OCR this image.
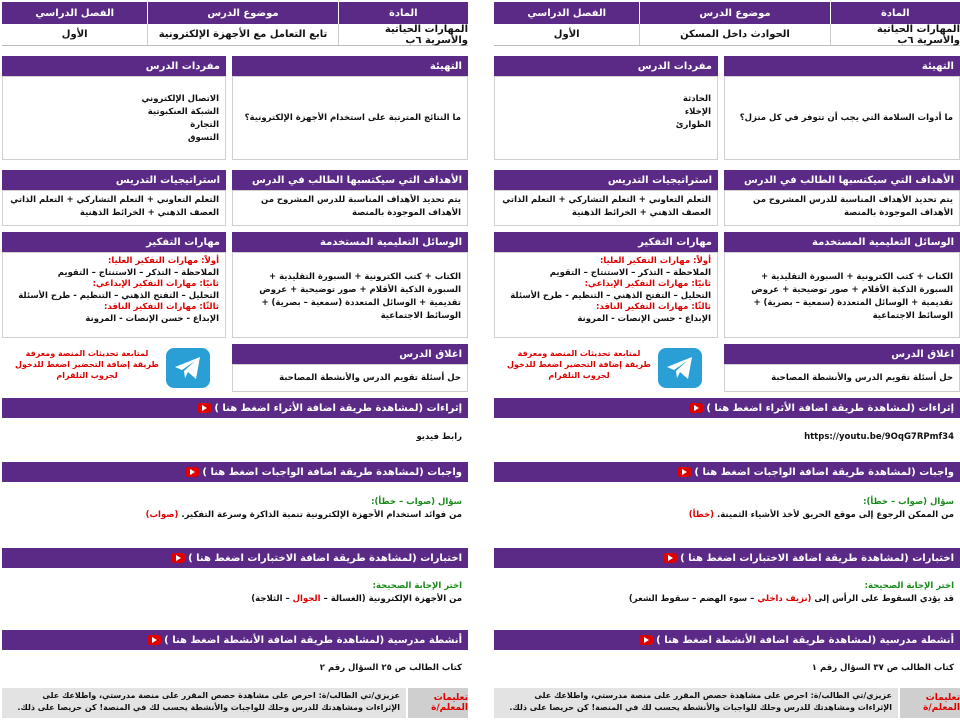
المادة
موضوع الدرس
الفصل الدراسي
المهارات الحياتية والأسرية ٦ب
الحوادث داخل المسكن
الأول
التهيئة
ما أدوات السلامة التي يجب أن تتوفر في كل منزل؟
مفردات الدرس
الحادثة
الإخلاء
الطوارئ
الأهداف التي سيكتسبها الطالب في الدرس
يتم تحديد الأهداف المناسبة للدرس المشروح من الأهداف الموجودة بالمنصة
استراتيجيات التدريس
التعلم التعاوني + التعلم التشاركي + التعلم الذاتي العصف الذهني + الخرائط الذهنية
الوسائل التعليمية المستخدمة
الكتاب + كتب الكترونية + السبورة التقليدية + السبورة الذكية الأقلام + صور توضيحية + عروض تقديمية + الوسائل المتعددة (سمعية – بصرية) + الوسائط الاجتماعية
مهارات التفكير
أولاً: مهارات التفكير العليا:
الملاحظة – التذكر – الاستنتاج – التقويم
ثانيًا: مهارات التفكير الإبداعي:
التحليل – التفتح الذهني – التنظيم - طرح الأسئلة
ثالثًا: مهارات التفكير الناقد:
الإبداع - حسن الإنصات - المرونة
اغلاق الدرس
حل أسئلة تقويم الدرس والأنشطة المصاحبة
لمتابعة تحديثات المنصة ومعرفة طريقة إضافة التحضير اضغط للدخول لجروب التلقرام
إثراءات

(لمشاهدة طريقة اضافة الأثراء اضغط هنا )
https://youtu.be/9OqG7RPmf34
واجبات

(لمشاهدة طريقة اضافة الواجبات اضغط هنا )
سؤال (صواب – خطأ):
من الممكن الرجوع إلى موقع الحريق لأخذ الأشياء الثمينة. (خطأ)
اختبارات

(لمشاهدة طريقة اضافة الاختبارات اضغط هنا )
اختر الإجابة الصحيحة:
قد يؤدي السقوط على الرأس إلى (نزيف داخلي – سوء الهضم – سقوط الشعر)
أنشطة مدرسية

(لمشاهدة طريقة اضافة الأنشطة اضغط هنا )
كتاب الطالب ص ٣٧ السؤال رقم ١
تعليمات المعلم/ة
عزيزي/تي الطالب/ة: احرص على مشاهدة حصص المقرر على منصة مدرستي، واطلاعك على الإثراءات ومشاهدتك للدرس وحلك للواجبات والأنشطة يحسب لك في المنصة! كن حريصا على ذلك.
المادة
موضوع الدرس
الفصل الدراسي
المهارات الحياتية والأسرية ٦ب
تابع التعامل مع الأجهزة الإلكترونية
الأول
التهيئة
ما النتائج المترتبة على استخدام الأجهزة الإلكترونية؟
مفردات الدرس
الاتصال الإلكتروني
الشبكة العنكبوتية
التجارة
التسوق
الأهداف التي سيكتسبها الطالب في الدرس
يتم تحديد الأهداف المناسبة للدرس المشروح من الأهداف الموجودة بالمنصة
استراتيجيات التدريس
التعلم التعاوني + التعلم التشاركي + التعلم الذاتي العصف الذهني + الخرائط الذهنية
الوسائل التعليمية المستخدمة
الكتاب + كتب الكترونية + السبورة التقليدية + السبورة الذكية الأقلام + صور توضيحية + عروض تقديمية + الوسائل المتعددة (سمعية – بصرية) + الوسائط الاجتماعية
مهارات التفكير
أولاً: مهارات التفكير العليا:
الملاحظة – التذكر – الاستنتاج – التقويم
ثانيًا: مهارات التفكير الإبداعي:
التحليل – التفتح الذهني – التنظيم - طرح الأسئلة
ثالثًا: مهارات التفكير الناقد:
الإبداع - حسن الإنصات - المرونة
اغلاق الدرس
حل أسئلة تقويم الدرس والأنشطة المصاحبة
لمتابعة تحديثات المنصة ومعرفة طريقة إضافة التحضير اضغط للدخول لجروب التلقرام
إثراءات

(لمشاهدة طريقة اضافة الأثراء اضغط هنا )
رابط فيديو
واجبات

(لمشاهدة طريقة اضافة الواجبات اضغط هنا )
سؤال (صواب – خطأ):
من فوائد استخدام الأجهزة الإلكترونية تنمية الذاكرة وسرعة التفكير. (صواب)
اختبارات

(لمشاهدة طريقة اضافة الاختبارات اضغط هنا )
اختر الإجابة الصحيحة:
من الأجهزة الإلكترونية (الغسالة – الجوال – الثلاجة)
أنشطة مدرسية

(لمشاهدة طريقة اضافة الأنشطة اضغط هنا )
كتاب الطالب ص ٢٥ السؤال رقم ٢
تعليمات المعلم/ة
عزيزي/تي الطالب/ة: احرص على مشاهدة حصص المقرر على منصة مدرستي، واطلاعك على الإثراءات ومشاهدتك للدرس وحلك للواجبات والأنشطة يحسب لك في المنصة! كن حريصا على ذلك.
